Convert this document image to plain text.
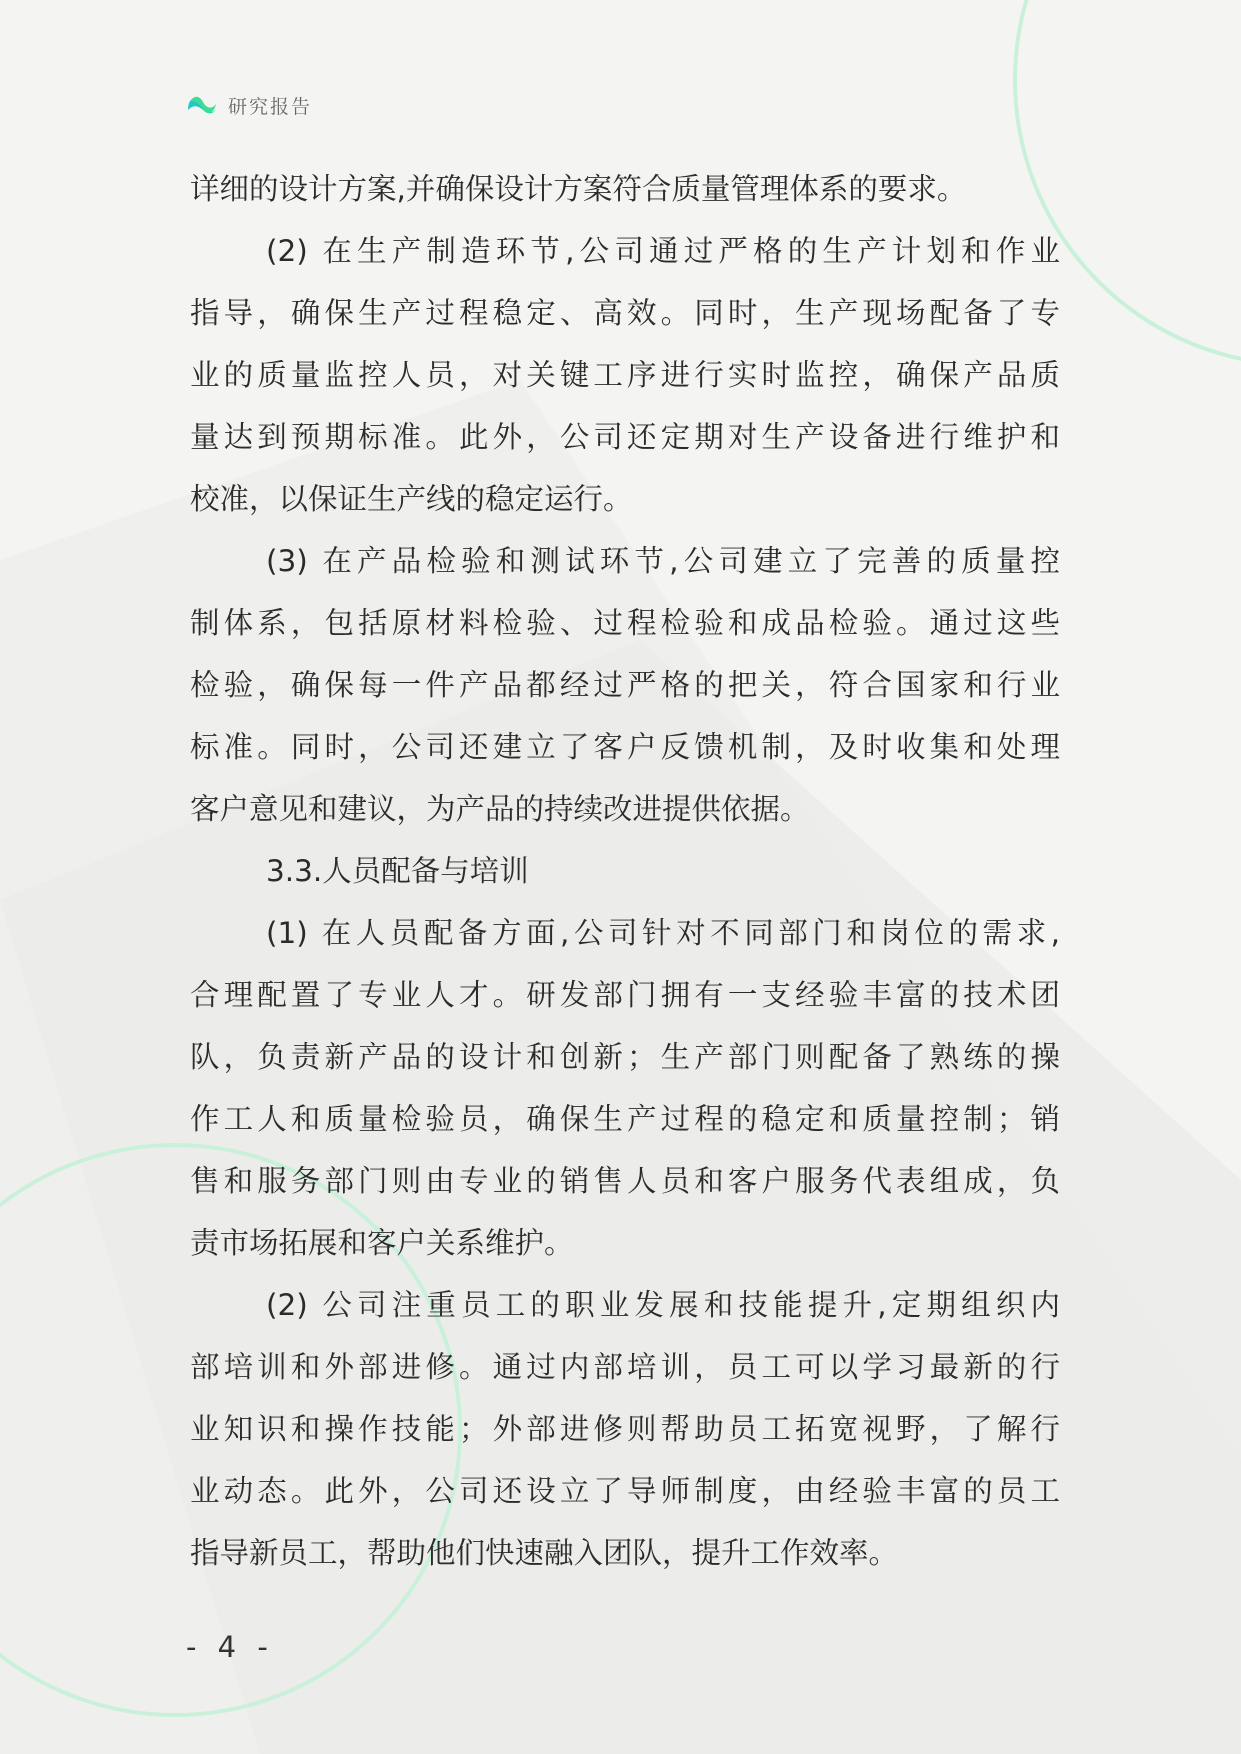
研究报告
详细的设计方案,并确保设计方案符合质量管理体系的要求。
(2) 在生产制造环节,公司通过严格的生产计划和作业
指导，确保生产过程稳定、高效。同时，生产现场配备了专
业的质量监控人员，对关键工序进行实时监控，确保产品质
量达到预期标准。此外，公司还定期对生产设备进行维护和
校准，以保证生产线的稳定运行。
(3) 在产品检验和测试环节,公司建立了完善的质量控
制体系，包括原材料检验、过程检验和成品检验。通过这些
检验，确保每一件产品都经过严格的把关，符合国家和行业
标准。同时，公司还建立了客户反馈机制，及时收集和处理
客户意见和建议，为产品的持续改进提供依据。
3.3.人员配备与培训
(1) 在人员配备方面,公司针对不同部门和岗位的需求,
合理配置了专业人才。研发部门拥有一支经验丰富的技术团
队，负责新产品的设计和创新；生产部门则配备了熟练的操
作工人和质量检验员，确保生产过程的稳定和质量控制；销
售和服务部门则由专业的销售人员和客户服务代表组成，负
责市场拓展和客户关系维护。
(2) 公司注重员工的职业发展和技能提升,定期组织内
部培训和外部进修。通过内部培训，员工可以学习最新的行
业知识和操作技能；外部进修则帮助员工拓宽视野，了解行
业动态。此外，公司还设立了导师制度，由经验丰富的员工
指导新员工，帮助他们快速融入团队，提升工作效率。
- 4 -
